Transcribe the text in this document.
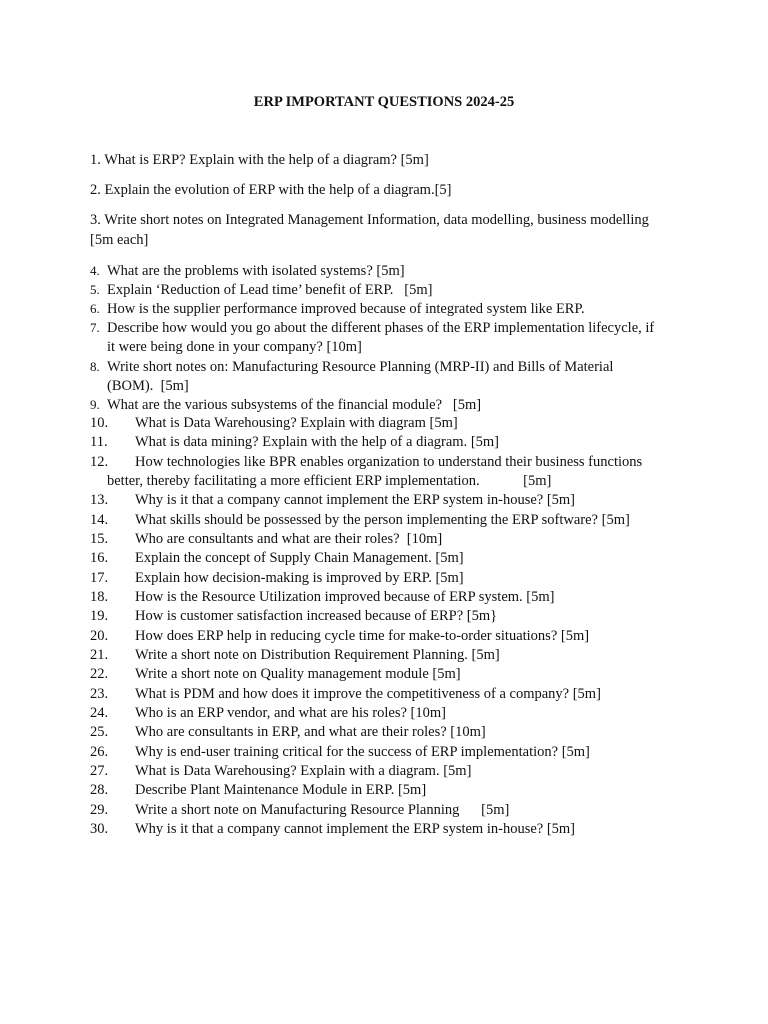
ERP IMPORTANT QUESTIONS 2024-25
1. What is ERP? Explain with the help of a diagram? [5m]
2. Explain the evolution of ERP with the help of a diagram.[5]
3. Write short notes on Integrated Management Information, data modelling, business modelling
[5m each]
4. What are the problems with isolated systems? [5m]
5. Explain ‘Reduction of Lead time’ benefit of ERP.   [5m]
6. How is the supplier performance improved because of integrated system like ERP.
7. Describe how would you go about the different phases of the ERP implementation lifecycle, if
it were being done in your company? [10m]
8. Write short notes on: Manufacturing Resource Planning (MRP-II) and Bills of Material
(BOM).  [5m]
9. What are the various subsystems of the financial module?   [5m]
10. What is Data Warehousing? Explain with diagram [5m]
11. What is data mining? Explain with the help of a diagram. [5m]
12. How technologies like BPR enables organization to understand their business functions
better, thereby facilitating a more efficient ERP implementation.            [5m]
13. Why is it that a company cannot implement the ERP system in-house? [5m]
14. What skills should be possessed by the person implementing the ERP software? [5m]
15. Who are consultants and what are their roles?  [10m]
16. Explain the concept of Supply Chain Management. [5m]
17. Explain how decision-making is improved by ERP. [5m]
18. How is the Resource Utilization improved because of ERP system. [5m]
19. How is customer satisfaction increased because of ERP? [5m}
20. How does ERP help in reducing cycle time for make-to-order situations? [5m]
21. Write a short note on Distribution Requirement Planning. [5m]
22. Write a short note on Quality management module [5m]
23. What is PDM and how does it improve the competitiveness of a company? [5m]
24. Who is an ERP vendor, and what are his roles? [10m]
25. Who are consultants in ERP, and what are their roles? [10m]
26. Why is end-user training critical for the success of ERP implementation? [5m]
27. What is Data Warehousing? Explain with a diagram. [5m]
28. Describe Plant Maintenance Module in ERP. [5m]
29. Write a short note on Manufacturing Resource Planning      [5m]
30. Why is it that a company cannot implement the ERP system in-house? [5m]
